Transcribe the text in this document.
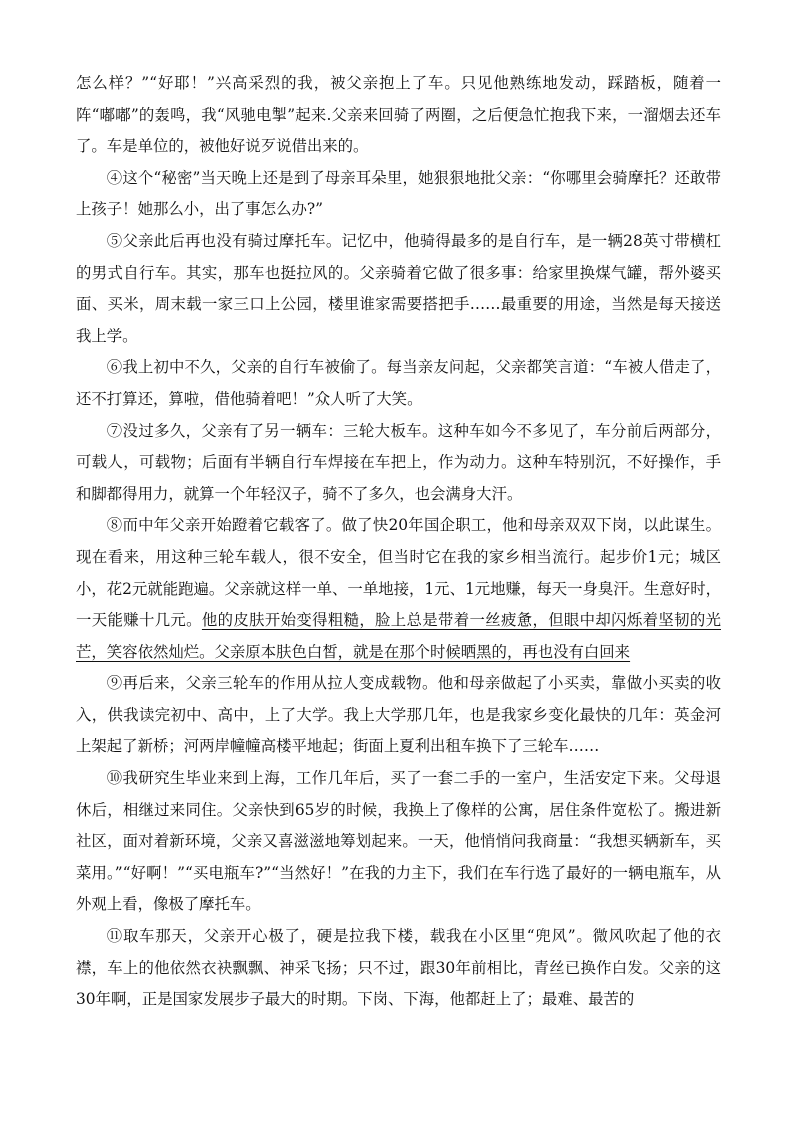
怎么样？”“好耶！”兴高采烈的我，被父亲抱上了车。只见他熟练地发动，踩踏板，随着一阵“嘟嘟”的轰鸣，我“风驰电掣”起来.父亲来回骑了两圈，之后便急忙抱我下来，一溜烟去还车了。车是单位的，被他好说歹说借出来的。

④这个“秘密”当天晚上还是到了母亲耳朵里，她狠狠地批父亲：“你哪里会骑摩托？还敢带上孩子！她那么小，出了事怎么办?”

⑤父亲此后再也没有骑过摩托车。记忆中，他骑得最多的是自行车，是一辆28英寸带横杠的男式自行车。其实，那车也挺拉风的。父亲骑着它做了很多事：给家里换煤气罐，帮外婆买面、买米，周末载一家三口上公园，楼里谁家需要搭把手……最重要的用途，当然是每天接送我上学。

⑥我上初中不久，父亲的自行车被偷了。每当亲友问起，父亲都笑言道：“车被人借走了，还不打算还，算啦，借他骑着吧！”众人听了大笑。

⑦没过多久，父亲有了另一辆车：三轮大板车。这种车如今不多见了，车分前后两部分，可载人，可载物；后面有半辆自行车焊接在车把上，作为动力。这种车特别沉，不好操作，手和脚都得用力，就算一个年轻汉子，骑不了多久，也会满身大汗。

⑧而中年父亲开始蹬着它载客了。做了快20年国企职工，他和母亲双双下岗，以此谋生。现在看来，用这种三轮车载人，很不安全，但当时它在我的家乡相当流行。起步价1元；城区小，花2元就能跑遍。父亲就这样一单、一单地接，1元、1元地赚，每天一身臭汗。生意好时，一天能赚十几元。他的皮肤开始变得粗糙，脸上总是带着一丝疲惫，但眼中却闪烁着坚韧的光芒，笑容依然灿烂。父亲原本肤色白皙，就是在那个时候晒黑的，再也没有白回来

⑨再后来，父亲三轮车的作用从拉人变成载物。他和母亲做起了小买卖，靠做小买卖的收入，供我读完初中、高中，上了大学。我上大学那几年，也是我家乡变化最快的几年：英金河上架起了新桥；河两岸幢幢高楼平地起；街面上夏利出租车换下了三轮车……

⑩我研究生毕业来到上海，工作几年后，买了一套二手的一室户，生活安定下来。父母退休后，相继过来同住。父亲快到65岁的时候，我换上了像样的公寓，居住条件宽松了。搬进新社区，面对着新环境，父亲又喜滋滋地筹划起来。一天，他悄悄问我商量：“我想买辆新车，买菜用。”“好啊！”“买电瓶车?”“当然好！”在我的力主下，我们在车行选了最好的一辆电瓶车，从外观上看，像极了摩托车。

⑪取车那天，父亲开心极了，硬是拉我下楼，载我在小区里“兜风”。微风吹起了他的衣襟，车上的他依然衣袂飘飘、神采飞扬；只不过，跟30年前相比，青丝已换作白发。父亲的这30年啊，正是国家发展步子最大的时期。下岗、下海，他都赶上了；最难、最苦的
